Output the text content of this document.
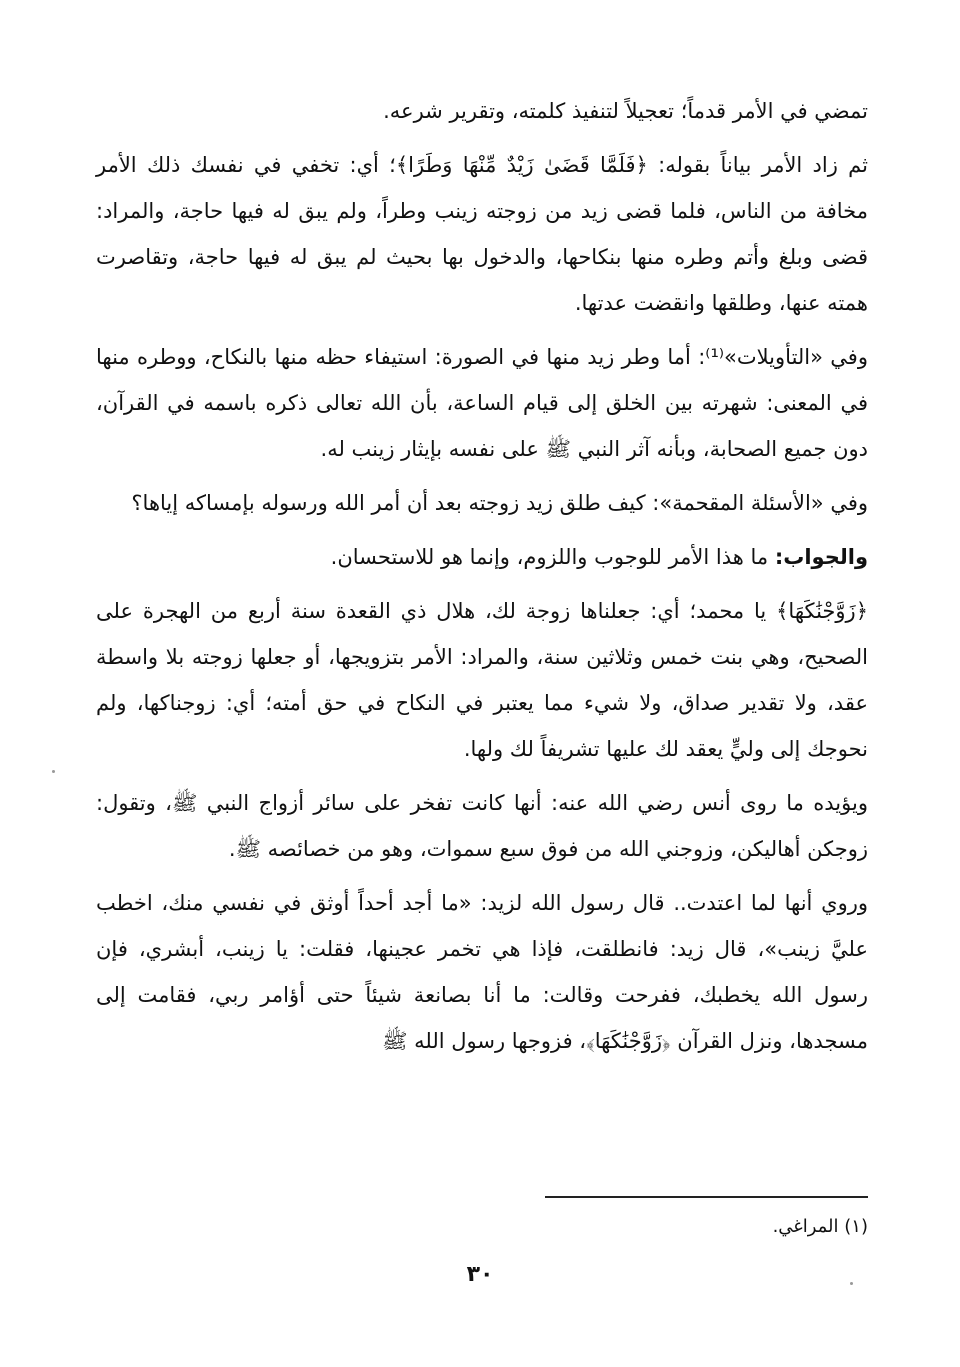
تمضي في الأمر قدماً؛ تعجيلاً لتنفيذ كلمته، وتقرير شرعه.

ثم زاد الأمر بياناً بقوله: ﴿فَلَمَّا قَضَىٰ زَيْدٌ مِّنْهَا وَطَرًا﴾؛ أي: تخفي في نفسك ذلك الأمر مخافة من الناس، فلما قضى زيد من زوجته زينب وطراً، ولم يبق له فيها حاجة، والمراد: قضى وبلغ وأتم وطره منها بنكاحها، والدخول بها بحيث لم يبق له فيها حاجة، وتقاصرت همته عنها، وطلقها وانقضت عدتها.

وفي «التأويلات»⁽¹⁾: أما وطر زيد منها في الصورة: استيفاء حظه منها بالنكاح، ووطره منها في المعنى: شهرته بين الخلق إلى قيام الساعة، بأن الله تعالى ذكره باسمه في القرآن، دون جميع الصحابة، وبأنه آثر النبي ﷺ على نفسه بإيثار زينب له.

وفي «الأسئلة المقحمة»: كيف طلق زيد زوجته بعد أن أمر الله ورسوله بإمساكه إياها؟

والجواب: ما هذا الأمر للوجوب واللزوم، وإنما هو للاستحسان.

﴿زَوَّجْنَٰكَهَا﴾ يا محمد؛ أي: جعلناها زوجة لك، هلال ذي القعدة سنة أربع من الهجرة على الصحيح، وهي بنت خمس وثلاثين سنة، والمراد: الأمر بتزويجها، أو جعلها زوجته بلا واسطة عقد، ولا تقدير صداق، ولا شيء مما يعتبر في النكاح في حق أمته؛ أي: زوجناكها، ولم نحوجك إلى وليٍّ يعقد لك عليها تشريفاً لك ولها.

ويؤيده ما روى أنس رضي الله عنه: أنها كانت تفخر على سائر أزواج النبي ﷺ، وتقول: زوجكن أهاليكن، وزوجني الله من فوق سبع سموات، وهو من خصائصه ﷺ.

وروي أنها لما اعتدت.. قال رسول الله لزيد: «ما أجد أحداً أوثق في نفسي منك، اخطب عليَّ زينب»، قال زيد: فانطلقت، فإذا هي تخمر عجينها، فقلت: يا زينب، أبشري، فإن رسول الله يخطبك، ففرحت وقالت: ما أنا بصانعة شيئاً حتى أؤامر ربي، فقامت إلى مسجدها، ونزل القرآن ﴿زَوَّجْنَٰكَهَا﴾، فزوجها رسول الله ﷺ

(١) المراغي.
٣٠
